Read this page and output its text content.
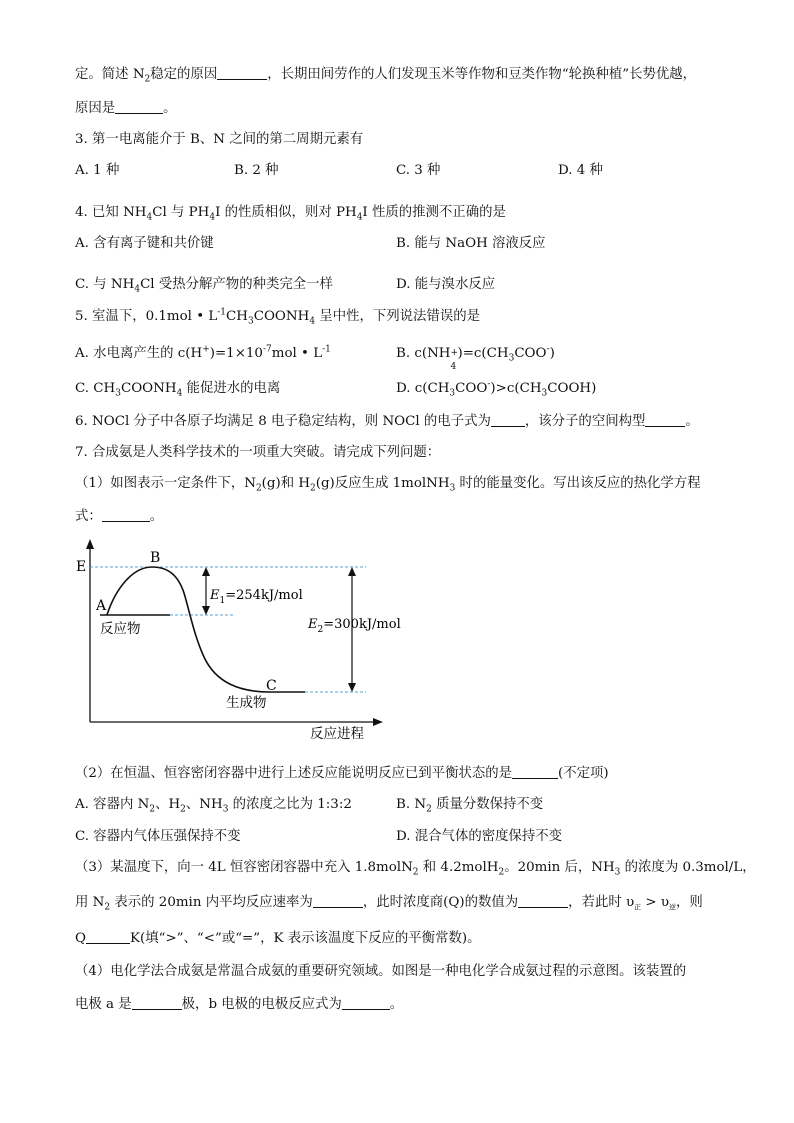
定。简述 $N_2$稳定的原因	，长期田间劳作的人们发现玉米等作物和豆类作物“轮换种植”长势优越，
原因是	。
3. 第一电离能介于 B、N 之间的第二周期元素有
A. 1 种	B. 2 种	C. 3 种	D. 4 种
4. 已知 $NH_4Cl$ 与 $PH_4I$ 的性质相似，则对 $PH_4I$ 性质的推测不正确的是
A. 含有离子键和共价键	B. 能与 NaOH 溶液反应
C. 与 $NH_4Cl$ 受热分解产物的种类完全一样	D. 能与溴水反应
5. 室温下，0.1mol • $L^{-1}CH_3COONH_4$ 呈中性，下列说法错误的是
A. 水电离产生的 $c(H^+)=1\times 10^{-7}mol$ • $L^{-1}$	B. c(NH +
4
)$=c(CH_3COO^-)$
C. $CH_3COONH_4$ 能促进水的电离	D. $c(CH_3COO^-)>c(CH_3COOH)$
6. NOCl 分子中各原子均满足 8 电子稳定结构，则 NOCl 的电子式为	，该分子的空间构型	。
7. 合成氨是人类科学技术的一项重大突破。请完成下列问题：
（1）如图表示一定条件下，$N_2(g)$和 $H_2(g)$反应生成 1molNH$_3$ 时的能量变化。写出该反应的热化学方程
式：	。
E
B
A
C
$E_1=254kJ$/mol
$E_2=300kJ$/mol
反应物
生成物
反应进程
（2）在恒温、恒容密闭容器中进行上述反应能说明反应已到平衡状态的是	(不定项)
A. 容器内 $N_2$、$H_2$、$NH_3$ 的浓度之比为 1:3:2	B. $N_2$ 质量分数保持不变
C. 容器内气体压强保持不变	D. 混合气体的密度保持不变
（3）某温度下，向一 4L 恒容密闭容器中充入 1.8molN$_2$ 和 4.2molH$_2$。20min 后，$NH_3$ 的浓度为 0.3mol/L，
用 $N_2$ 表示的 20min 内平均反应速率为	，此时浓度商(Q)的数值为	，若此时 $\upsilon_正 > \upsilon_逆$，则
Q	K(填“>”、“<”或“=”，K 表示该温度下反应的平衡常数)。
（4）电化学法合成氨是常温合成氨的重要研究领域。如图是一种电化学合成氨过程的示意图。该装置的
电极 a 是	极，b 电极的电极反应式为	。
